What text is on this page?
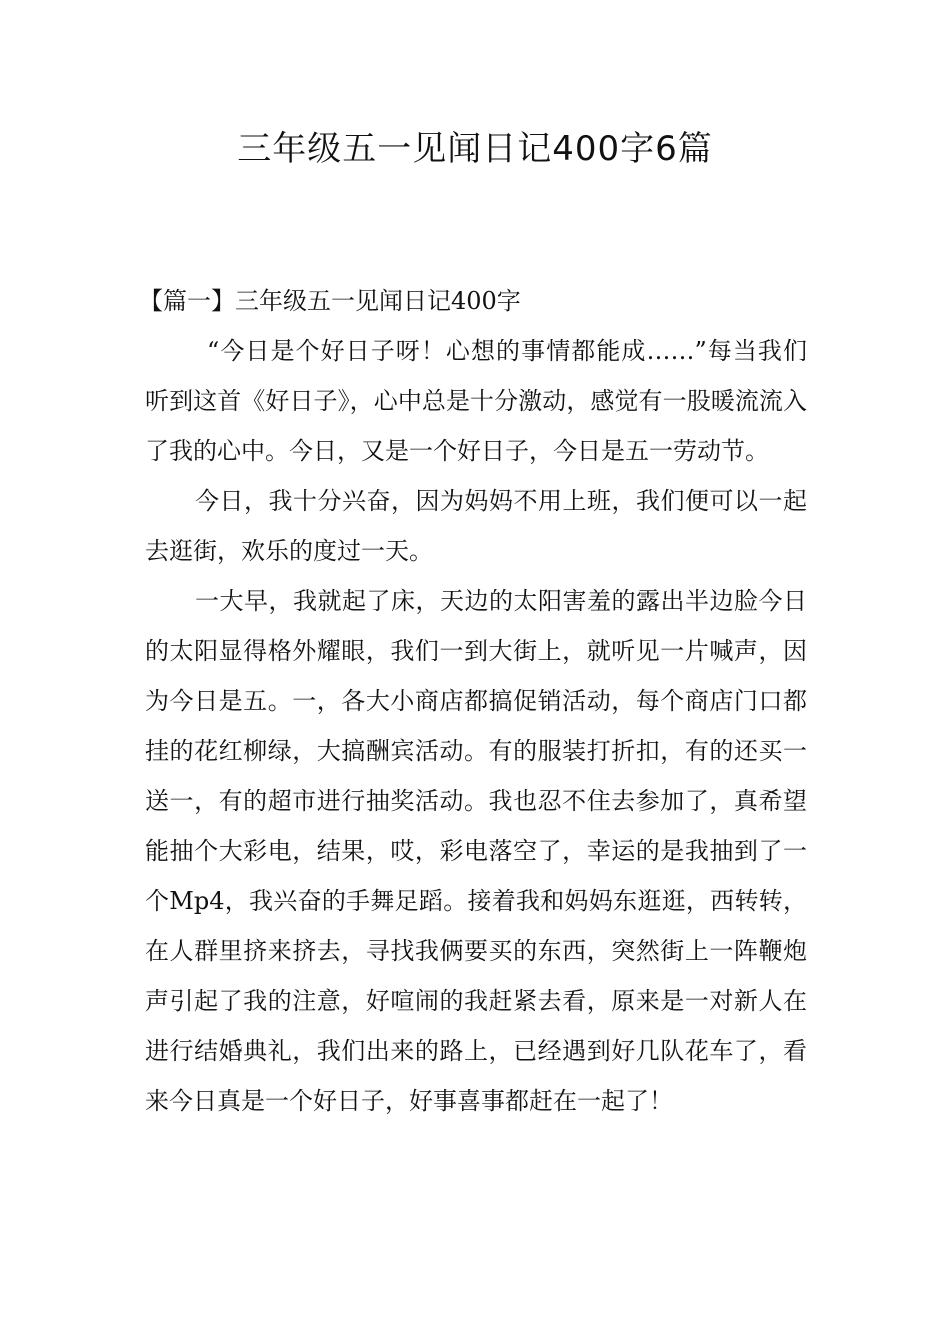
三年级五一见闻日记400字6篇
【篇一】三年级五一见闻日记400字

“今日是个好日子呀！心想的事情都能成……”每当我们听到这首《好日子》，心中总是十分激动，感觉有一股暖流流入了我的心中。今日，又是一个好日子，今日是五一劳动节。

今日，我十分兴奋，因为妈妈不用上班，我们便可以一起去逛街，欢乐的度过一天。

一大早，我就起了床，天边的太阳害羞的露出半边脸今日的太阳显得格外耀眼，我们一到大街上，就听见一片喊声，因为今日是五。一，各大小商店都搞促销活动，每个商店门口都挂的花红柳绿，大搞酬宾活动。有的服装打折扣，有的还买一送一，有的超市进行抽奖活动。我也忍不住去参加了，真希望能抽个大彩电，结果，哎，彩电落空了，幸运的是我抽到了一个Mp4，我兴奋的手舞足蹈。接着我和妈妈东逛逛，西转转，在人群里挤来挤去，寻找我俩要买的东西，突然街上一阵鞭炮声引起了我的注意，好喧闹的我赶紧去看，原来是一对新人在进行结婚典礼，我们出来的路上，已经遇到好几队花车了，看来今日真是一个好日子，好事喜事都赶在一起了！
